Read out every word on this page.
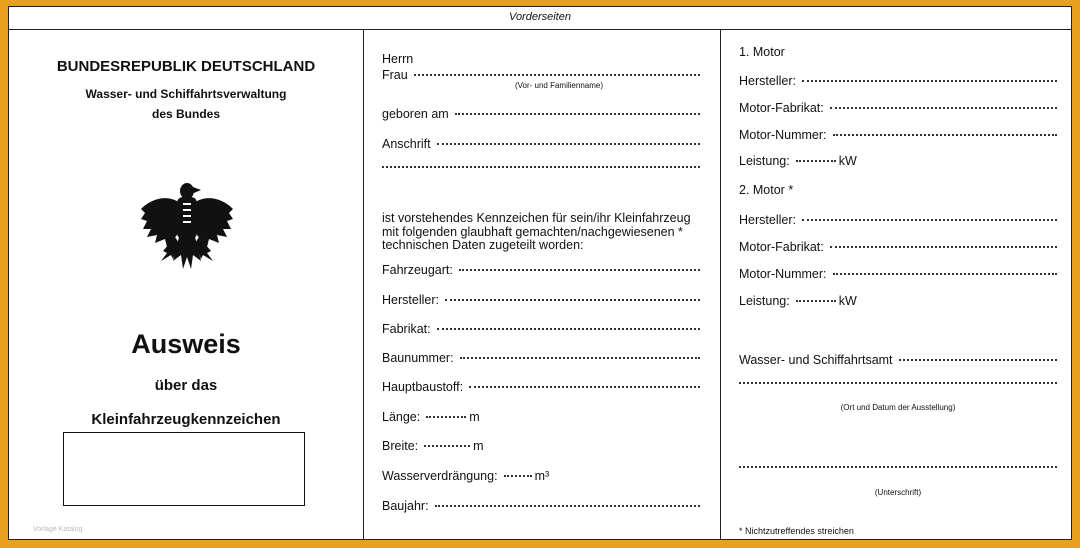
Vorderseiten
BUNDESREPUBLIK DEUTSCHLAND
Wasser- und Schiffahrtsverwaltung
des Bundes
Ausweis
über das
Kleinfahrzeugkennzeichen
Vorlage Katalog
Herrn
Frau
(Vor- und Familienname)
geboren am
Anschrift
ist vorstehendes Kennzeichen für sein/ihr Kleinfahrzeug
mit folgenden glaubhaft gemachten/nachgewiesenen *
technischen Daten zugeteilt worden:
Fahrzeugart:
Hersteller:
Fabrikat:
Baunummer:
Hauptbaustoff:
Länge:	m
Breite:	m
Wasserverdrängung:	m³
Baujahr:
1. Motor
Hersteller:
Motor-Fabrikat:
Motor-Nummer:
Leistung:	kW
2. Motor *
Hersteller:
Motor-Fabrikat:
Motor-Nummer:
Leistung:	kW
Wasser- und Schiffahrtsamt
(Ort und Datum der Ausstellung)
(Unterschrift)
* Nichtzutreffendes streichen
